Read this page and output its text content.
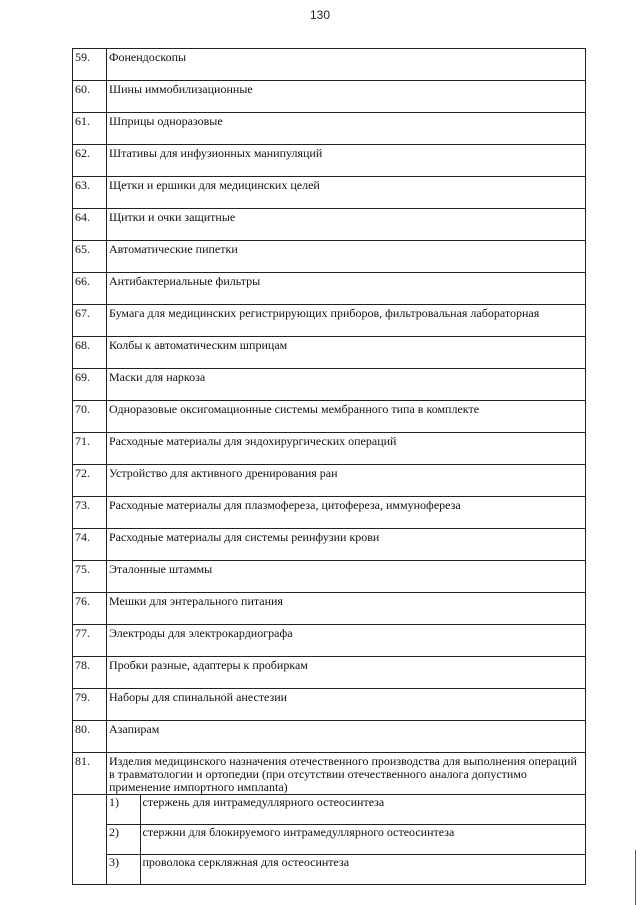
130
59.	Фонендоскопы
60.	Шины иммобилизационные
61.	Шприцы одноразовые
62.	Штативы для инфузионных манипуляций
63.	Щетки и ершики для медицинских целей
64.	Щитки и очки защитные
65.	Автоматические пипетки
66.	Антибактериальные фильтры
67.	Бумага для медицинских регистрирующих приборов, фильтровальная лабораторная
68.	Колбы к автоматическим шприцам
69.	Маски для наркоза
70.	Одноразовые оксигомационные системы мембранного типа в комплекте
71.	Расходные материалы для эндохирургических операций
72.	Устройство для активного дренирования ран
73.	Расходные материалы для плазмофереза, цитофереза, иммунофереза
74.	Расходные материалы для системы реинфузии крови
75.	Эталонные штаммы
76.	Мешки для энтерального питания
77.	Электроды для электрокардиографа
78.	Пробки разные, адаптеры к пробиркам
79.	Наборы для спинальной анестезии
80.	Азапирам
81.	Изделия медицинского назначения отечественного производства для выполнения операций в травматологии и ортопедии (при отсутствии отечественного аналога допустимо применение импортного имплanta)

1)	стержень для интрамедуллярного остеосинтеза
2)	стержни для блокируемого интрамедуллярного остеосинтеза
3)	проволока серкляжная для остеосинтеза
